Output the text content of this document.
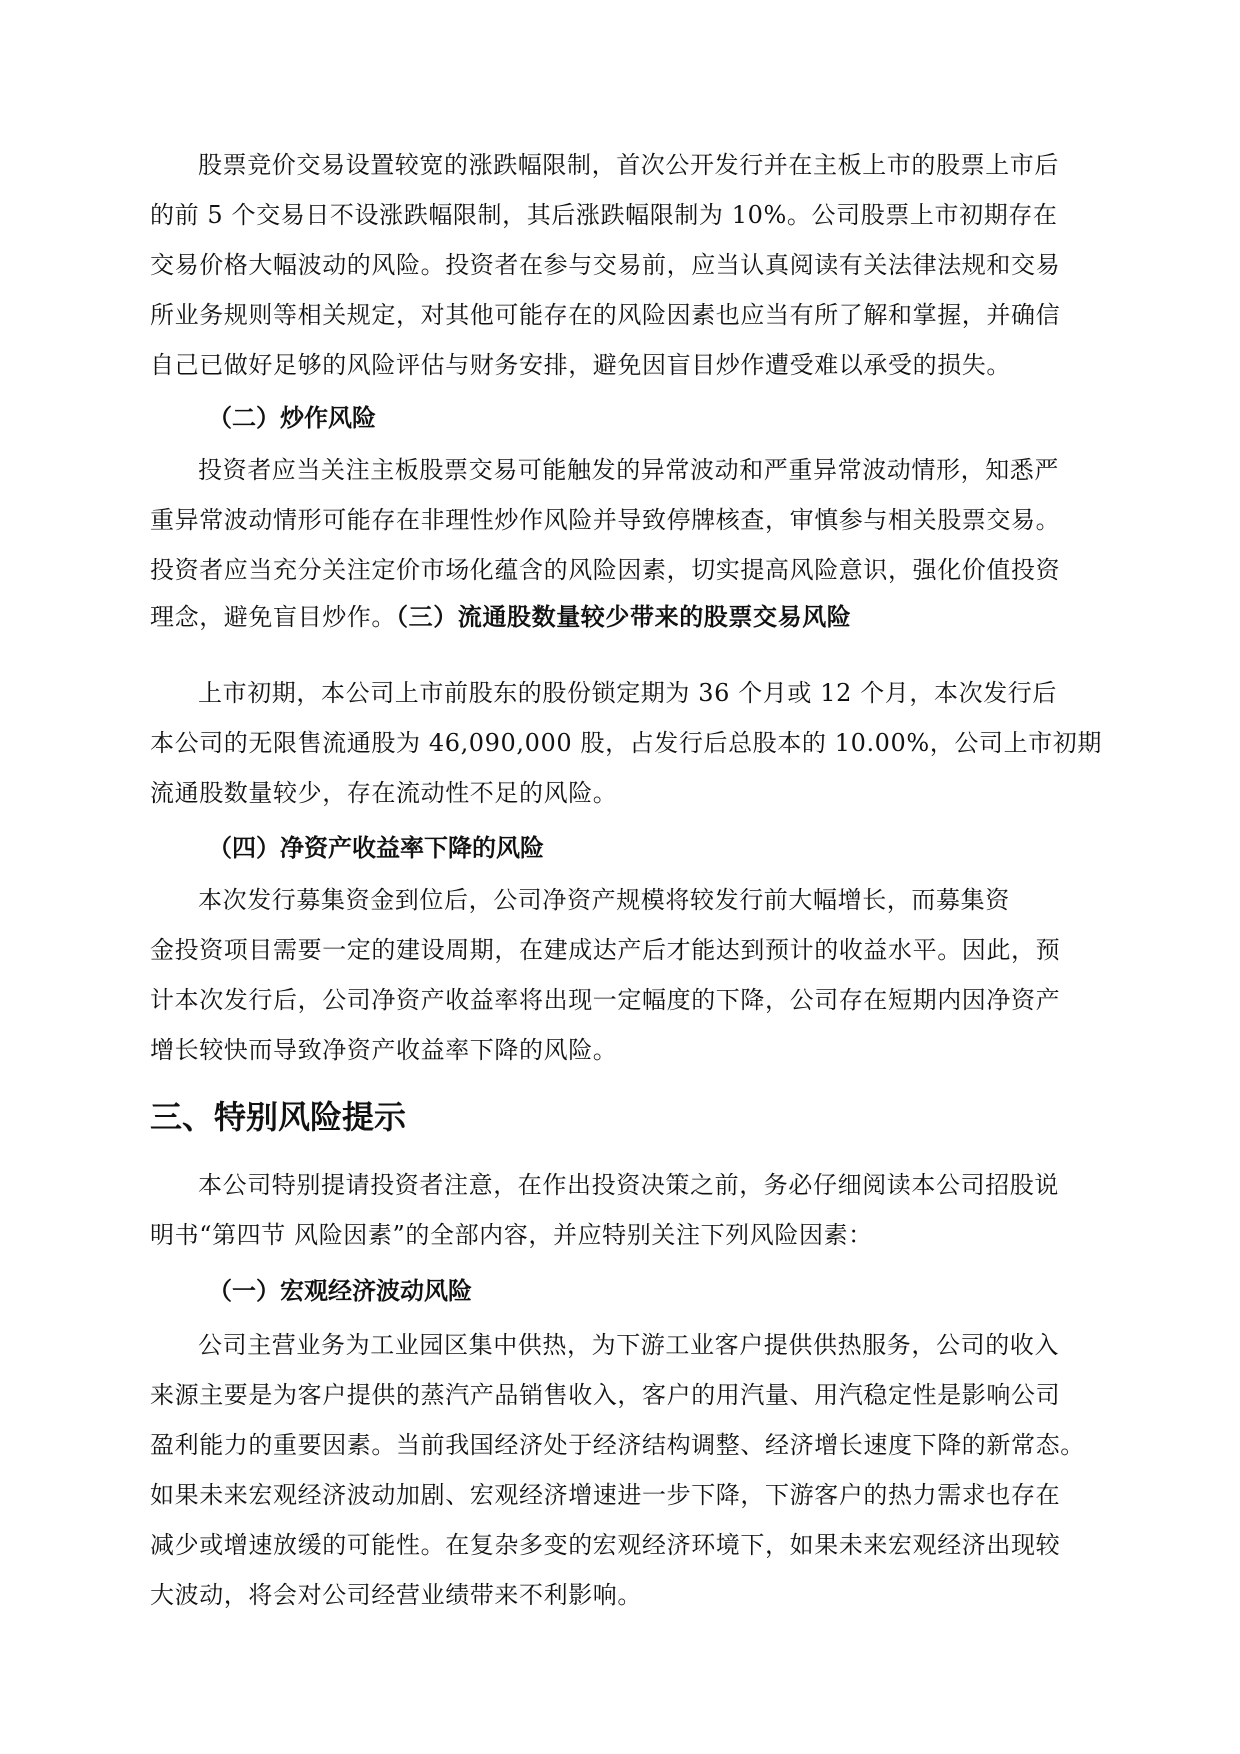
股票竞价交易设置较宽的涨跌幅限制，首次公开发行并在主板上市的股票上市后
的前 5 个交易日不设涨跌幅限制，其后涨跌幅限制为 10%。公司股票上市初期存在
交易价格大幅波动的风险。投资者在参与交易前，应当认真阅读有关法律法规和交易
所业务规则等相关规定，对其他可能存在的风险因素也应当有所了解和掌握，并确信
自己已做好足够的风险评估与财务安排，避免因盲目炒作遭受难以承受的损失。
（二）炒作风险
投资者应当关注主板股票交易可能触发的异常波动和严重异常波动情形，知悉严
重异常波动情形可能存在非理性炒作风险并导致停牌核查，审慎参与相关股票交易。
投资者应当充分关注定价市场化蕴含的风险因素，切实提高风险意识，强化价值投资
理念，避免盲目炒作。（三）流通股数量较少带来的股票交易风险
上市初期，本公司上市前股东的股份锁定期为 36 个月或 12 个月，本次发行后
本公司的无限售流通股为 46,090,000 股，占发行后总股本的 10.00%，公司上市初期
流通股数量较少，存在流动性不足的风险。
（四）净资产收益率下降的风险
本次发行募集资金到位后，公司净资产规模将较发行前大幅增长，而募集资
金投资项目需要一定的建设周期，在建成达产后才能达到预计的收益水平。因此，预
计本次发行后，公司净资产收益率将出现一定幅度的下降，公司存在短期内因净资产
增长较快而导致净资产收益率下降的风险。
三、特别风险提示
本公司特别提请投资者注意，在作出投资决策之前，务必仔细阅读本公司招股说
明书“第四节 风险因素”的全部内容，并应特别关注下列风险因素：
（一）宏观经济波动风险
公司主营业务为工业园区集中供热，为下游工业客户提供供热服务，公司的收入
来源主要是为客户提供的蒸汽产品销售收入，客户的用汽量、用汽稳定性是影响公司
盈利能力的重要因素。当前我国经济处于经济结构调整、经济增长速度下降的新常态。
如果未来宏观经济波动加剧、宏观经济增速进一步下降，下游客户的热力需求也存在
减少或增速放缓的可能性。在复杂多变的宏观经济环境下，如果未来宏观经济出现较
大波动，将会对公司经营业绩带来不利影响。
